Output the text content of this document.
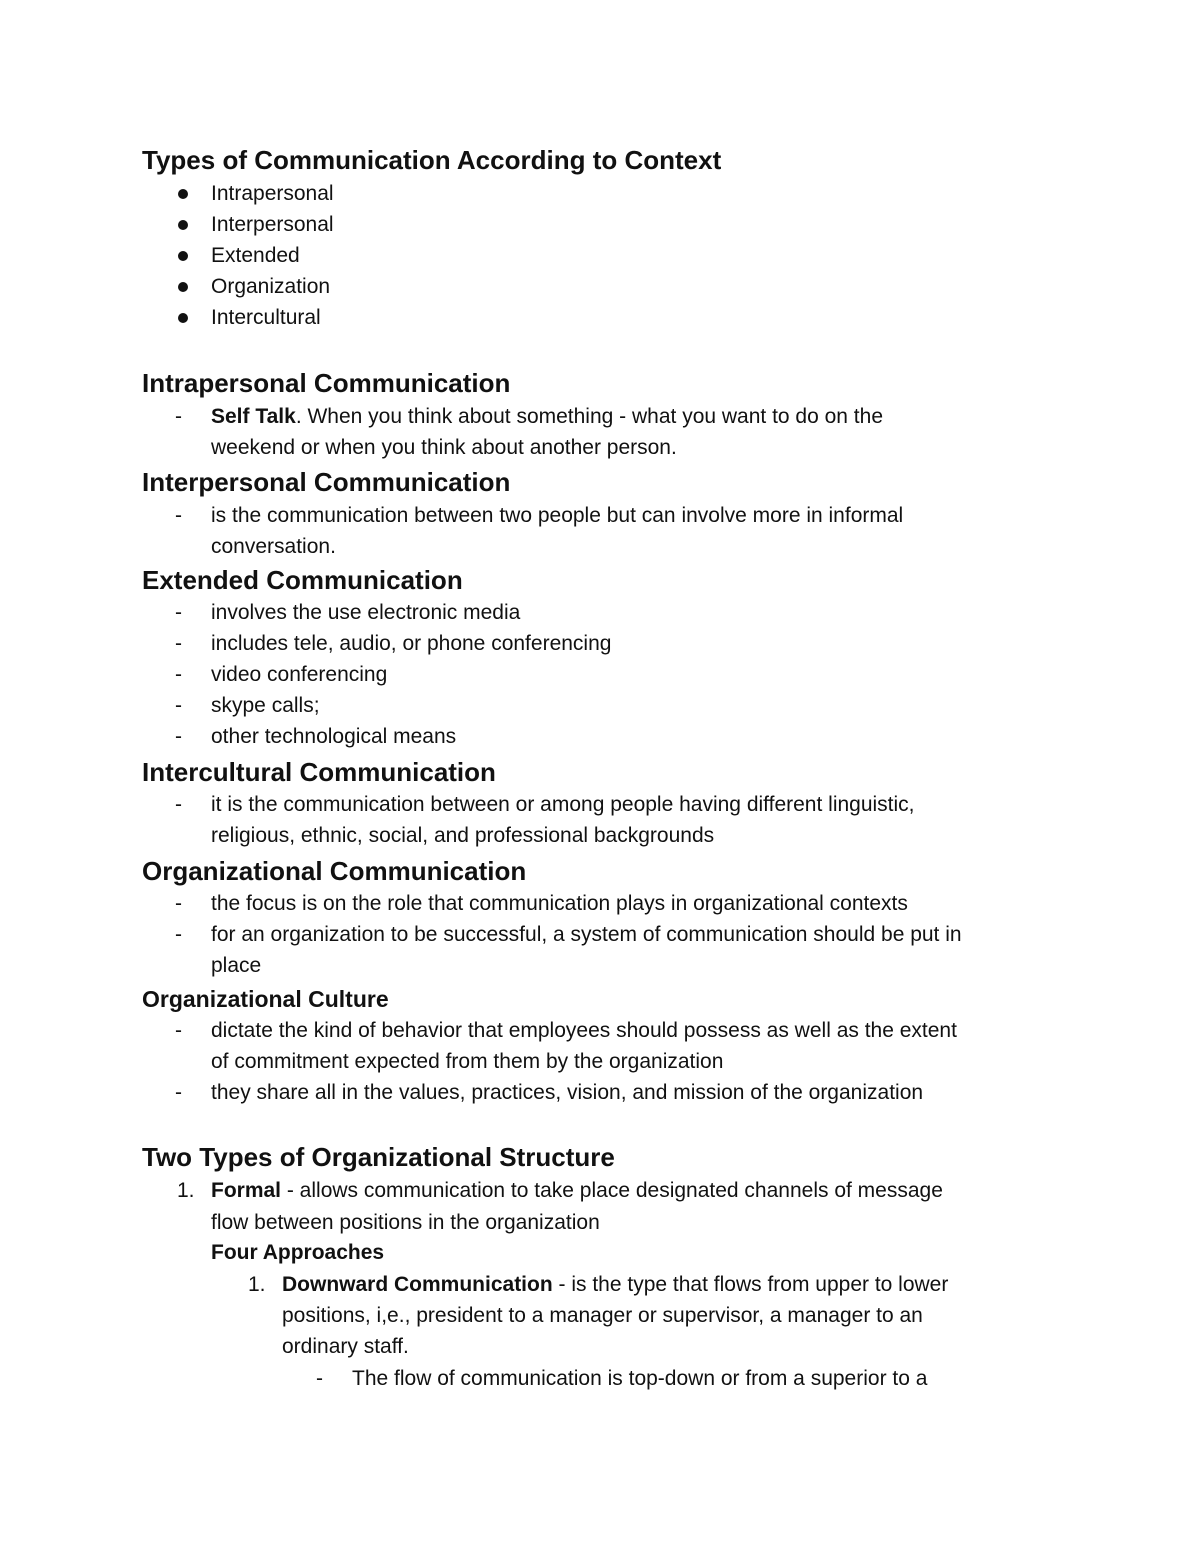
Types of Communication According to Context
Intrapersonal
Interpersonal
Extended
Organization
Intercultural
Intrapersonal Communication
- Self Talk. When you think about something - what you want to do on the
weekend or when you think about another person.
Interpersonal Communication
- is the communication between two people but can involve more in informal
conversation.
Extended Communication
- involves the use electronic media
- includes tele, audio, or phone conferencing
- video conferencing
- skype calls;
- other technological means
Intercultural Communication
- it is the communication between or among people having different linguistic,
religious, ethnic, social, and professional backgrounds
Organizational Communication
- the focus is on the role that communication plays in organizational contexts
- for an organization to be successful, a system of communication should be put in
place
Organizational Culture
- dictate the kind of behavior that employees should possess as well as the extent
of commitment expected from them by the organization
- they share all in the values, practices, vision, and mission of the organization
Two Types of Organizational Structure
1. Formal - allows communication to take place designated channels of message
flow between positions in the organization
Four Approaches
1. Downward Communication - is the type that flows from upper to lower
positions, i,e., president to a manager or supervisor, a manager to an
ordinary staff.
- The flow of communication is top-down or from a superior to a
